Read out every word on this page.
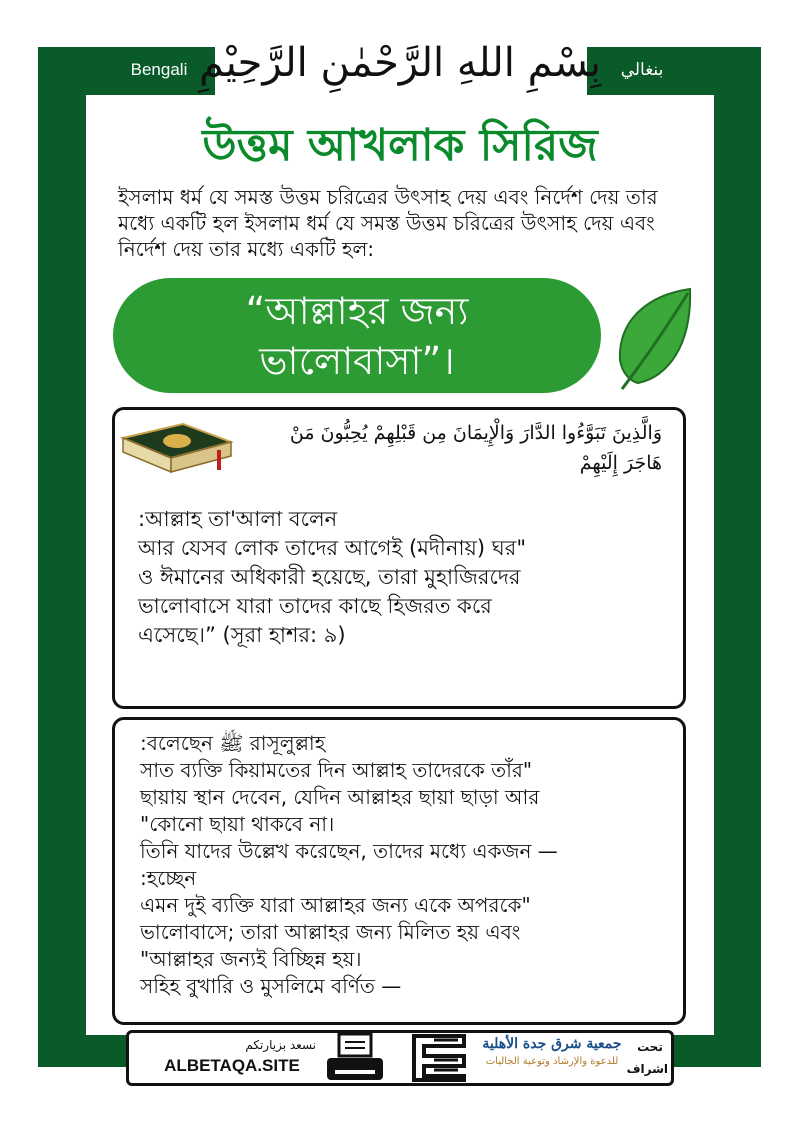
بِسْمِ اللهِ الرَّحْمٰنِ الرَّحِيْمِ
Bengali	بنغالي
উত্তম আখলাক সিরিজ
ইসলাম ধর্ম যে সমস্ত উত্তম চরিত্রের উৎসাহ দেয় এবং নির্দেশ দেয় তার মধ্যে একটি হল ইসলাম ধর্ম যে সমস্ত উত্তম চরিত্রের উৎসাহ দেয় এবং নির্দেশ দেয় তার মধ্যে একটি হল:
“আল্লাহর জন্য
ভালোবাসা”।
وَالَّذِينَ تَبَوَّءُوا الدَّارَ وَالْإِيمَانَ مِن قَبْلِهِمْ يُحِبُّونَ مَنْ هَاجَرَ إِلَيْهِمْ
:আল্লাহ তা'আলা বলেন
আর যেসব লোক তাদের আগেই (মদীনায়) ঘর"
ও ঈমানের অধিকারী হয়েছে, তারা মুহাজিরদের
ভালোবাসে যারা তাদের কাছে হিজরত করে
এসেছে।” (সূরা হাশর: ৯)
:বলেছেন ﷺ রাসূলুল্লাহ
সাত ব্যক্তি কিয়ামতের দিন আল্লাহ তাদেরকে তাঁর"
ছায়ায় স্থান দেবেন, যেদিন আল্লাহর ছায়া ছাড়া আর
"কোনো ছায়া থাকবে না।
তিনি যাদের উল্লেখ করেছেন, তাদের মধ্যে একজন —
:হচ্ছেন
এমন দুই ব্যক্তি যারা আল্লাহর জন্য একে অপরকে"
ভালোবাসে; তারা আল্লাহর জন্য মিলিত হয় এবং
"আল্লাহর জন্যই বিচ্ছিন্ন হয়।
সহিহ বুখারি ও মুসলিমে বর্ণিত —
نسعد بزيارتكم
ALBETAQA.SITE
جمعية شرق جدة الأهلية
للدعوة والإرشاد وتوعية الجاليات
تحت
اشراف
